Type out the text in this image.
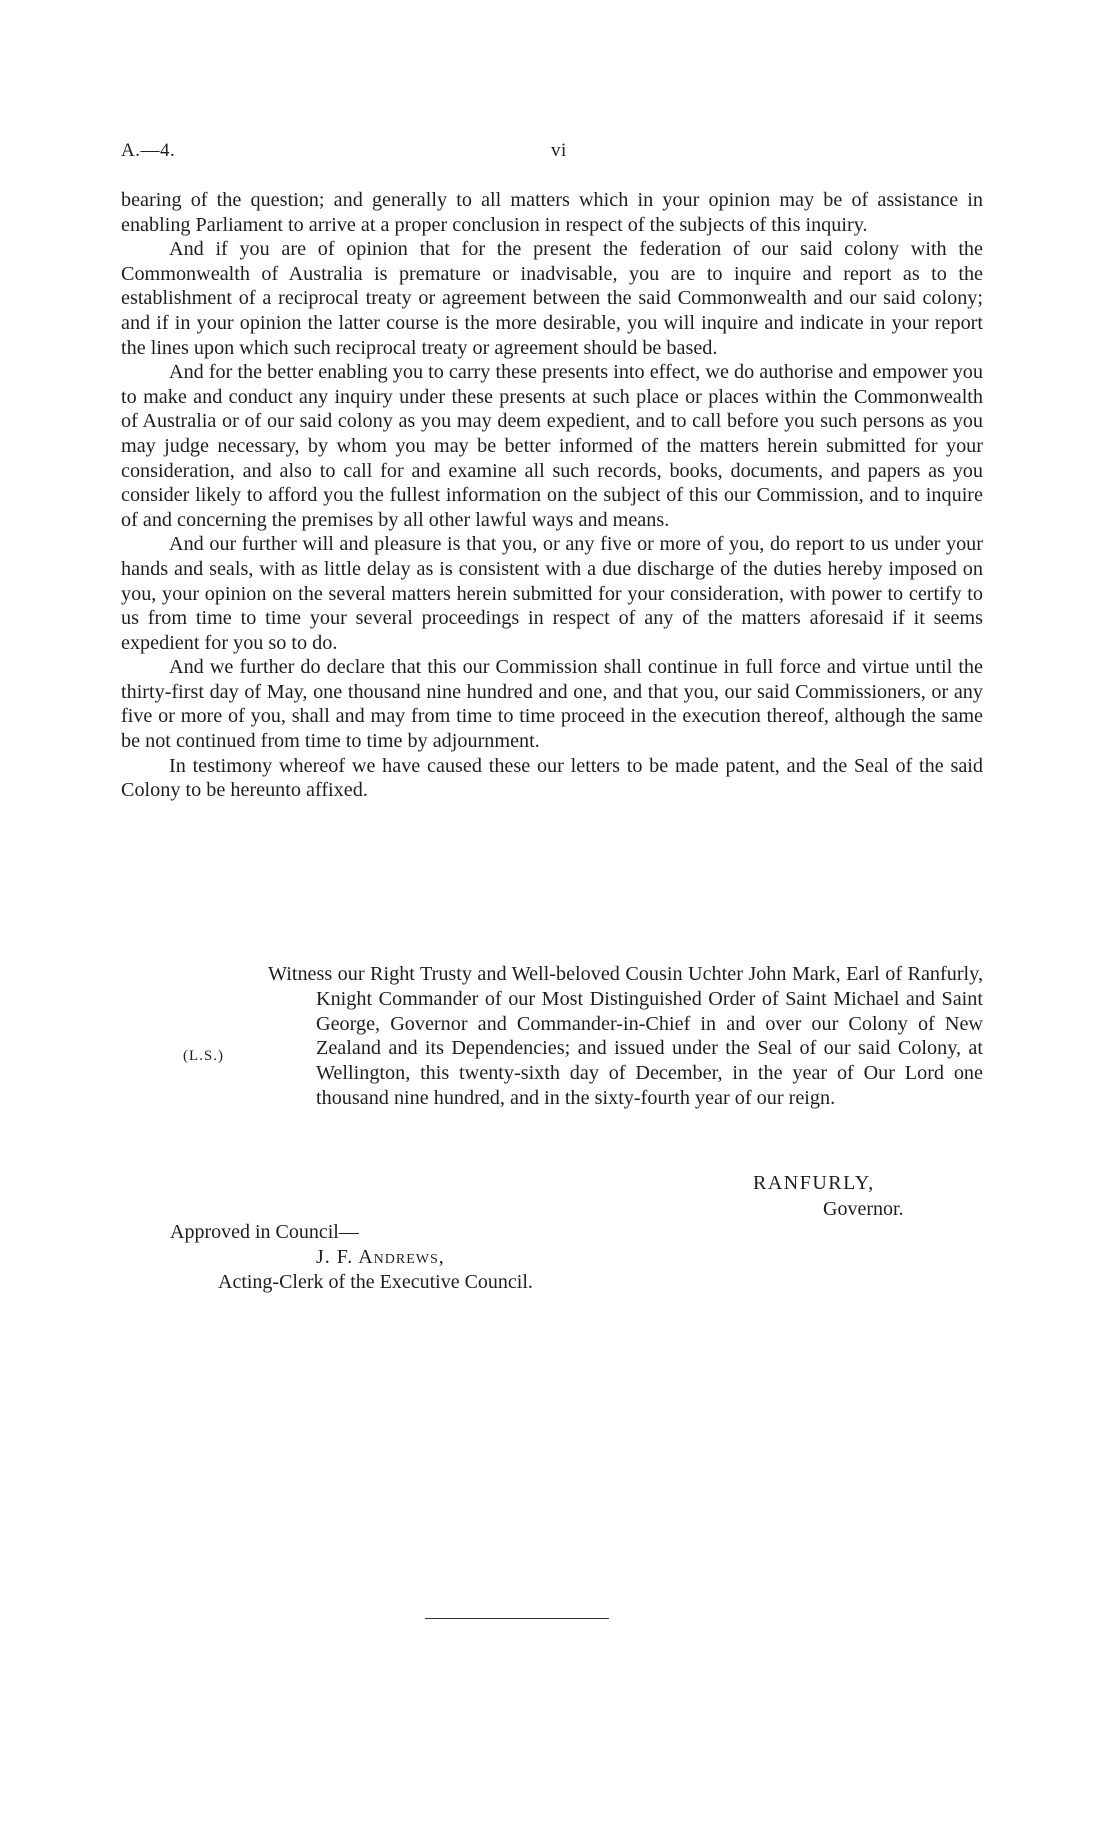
A.—4.	vi

bearing of the question; and generally to all matters which in your opinion may be of assistance in enabling Parliament to arrive at a proper conclusion in respect of the subjects of this inquiry.

And if you are of opinion that for the present the federation of our said colony with the Commonwealth of Australia is premature or inadvisable, you are to inquire and report as to the establishment of a reciprocal treaty or agreement between the said Commonwealth and our said colony; and if in your opinion the latter course is the more desirable, you will inquire and indicate in your report the lines upon which such reciprocal treaty or agreement should be based.

And for the better enabling you to carry these presents into effect, we do authorise and empower you to make and conduct any inquiry under these presents at such place or places within the Commonwealth of Australia or of our said colony as you may deem expedient, and to call before you such persons as you may judge necessary, by whom you may be better informed of the matters herein submitted for your consideration, and also to call for and examine all such records, books, documents, and papers as you consider likely to afford you the fullest information on the subject of this our Commission, and to inquire of and concerning the premises by all other lawful ways and means.

And our further will and pleasure is that you, or any five or more of you, do report to us under your hands and seals, with as little delay as is consistent with a due discharge of the duties hereby imposed on you, your opinion on the several matters herein submitted for your consideration, with power to certify to us from time to time your several proceedings in respect of any of the matters aforesaid if it seems expedient for you so to do.

And we further do declare that this our Commission shall continue in full force and virtue until the thirty-first day of May, one thousand nine hundred and one, and that you, our said Commissioners, or any five or more of you, shall and may from time to time proceed in the execution thereof, although the same be not continued from time to time by adjournment.

In testimony whereof we have caused these our letters to be made patent, and the Seal of the said Colony to be hereunto affixed.

(L.S.)
Witness our Right Trusty and Well-beloved Cousin Uchter John Mark, Earl of Ranfurly, Knight Commander of our Most Distinguished Order of Saint Michael and Saint George, Governor and Commander-in-Chief in and over our Colony of New Zealand and its Dependencies; and issued under the Seal of our said Colony, at Wellington, this twenty-sixth day of December, in the year of Our Lord one thousand nine hundred, and in the sixty-fourth year of our reign.
RANFURLY,
Governor.
Approved in Council—
J. F. Andrews,
Acting-Clerk of the Executive Council.
